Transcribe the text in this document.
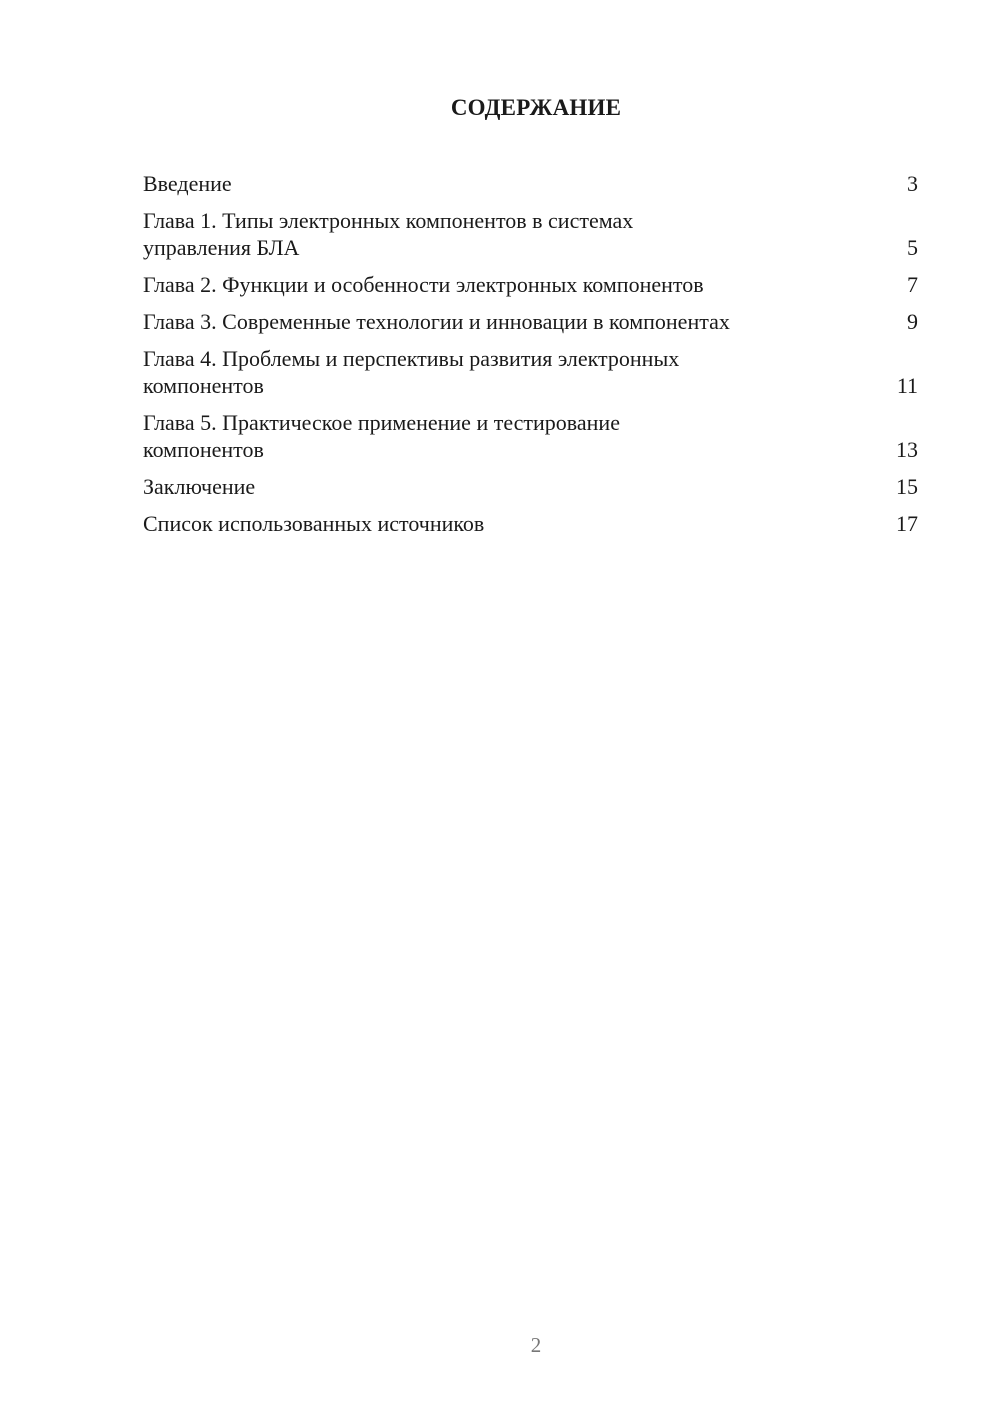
СОДЕРЖАНИЕ
Введение	3
Глава 1. Типы электронных компонентов в системах
управления БЛА	5
Глава 2. Функции и особенности электронных компонентов	7
Глава 3. Современные технологии и инновации в компонентах	9
Глава 4. Проблемы и перспективы развития электронных
компонентов	11
Глава 5. Практическое применение и тестирование
компонентов	13
Заключение	15
Список использованных источников	17
2
